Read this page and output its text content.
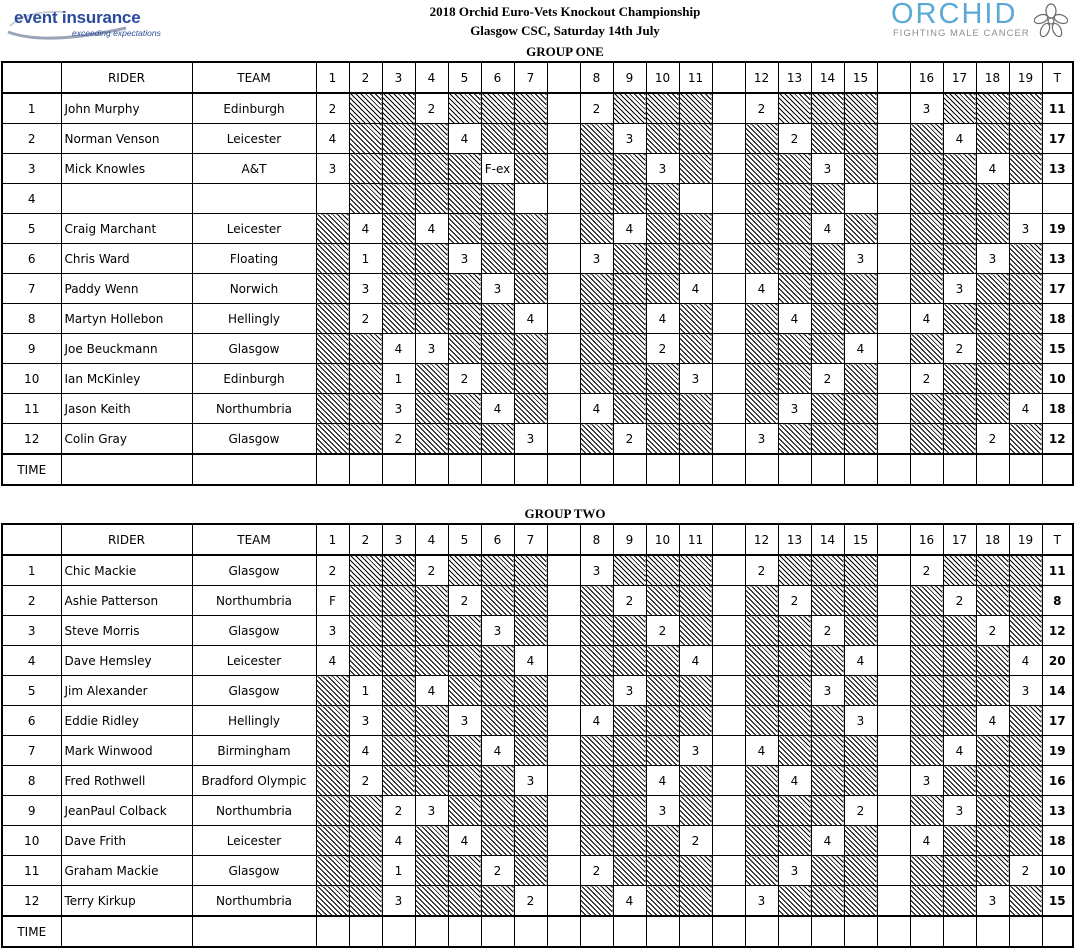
event insurance
exceeding expectations
2018 Orchid Euro-Vets Knockout Championship
Glasgow CSC, Saturday 14th July
ORCHID
FIGHTING MALE CANCER
GROUP ONE
	RIDER	TEAM	1	2	3	4	5	6	7		8	9	10	11		12	13	14	15		16	17	18	19	T
1	John Murphy	Edinburgh	2			2					2					2					3				11
2	Norman Venson	Leicester	4				4					3					2					4			17
3	Mick Knowles	A&T	3					F-ex					3					3					4		13
4																									
5	Craig Marchant	Leicester		4		4						4						4						3	19
6	Chris Ward	Floating		1			3				3								3				3		13
7	Paddy Wenn	Norwich		3				3						4		4						3			17
8	Martyn Hollebon	Hellingly		2					4				4				4				4				18
9	Joe Beuckmann	Glasgow			4	3							2						4			2			15
10	Ian McKinley	Edinburgh			1		2							3				2			2				10
11	Jason Keith	Northumbria			3			4			4						3							4	18
12	Colin Gray	Glasgow			2				3			2				3							2		12
TIME																									
GROUP TWO
	RIDER	TEAM	1	2	3	4	5	6	7		8	9	10	11		12	13	14	15		16	17	18	19	T
1	Chic Mackie	Glasgow	2			2					3					2					2				11
2	Ashie Patterson	Northumbria	F				2					2					2					2			8
3	Steve Morris	Glasgow	3					3					2					2					2		12
4	Dave Hemsley	Leicester	4						4					4					4					4	20
5	Jim Alexander	Glasgow		1		4						3						3						3	14
6	Eddie Ridley	Hellingly		3			3				4								3				4		17
7	Mark Winwood	Birmingham		4				4						3		4						4			19
8	Fred Rothwell	Bradford Olympic		2					3				4				4				3				16
9	JeanPaul Colback	Northumbria			2	3							3						2			3			13
10	Dave Frith	Leicester			4		4							2				4			4				18
11	Graham Mackie	Glasgow			1			2			2						3							2	10
12	Terry Kirkup	Northumbria			3				2			4				3							3		15
TIME																									
